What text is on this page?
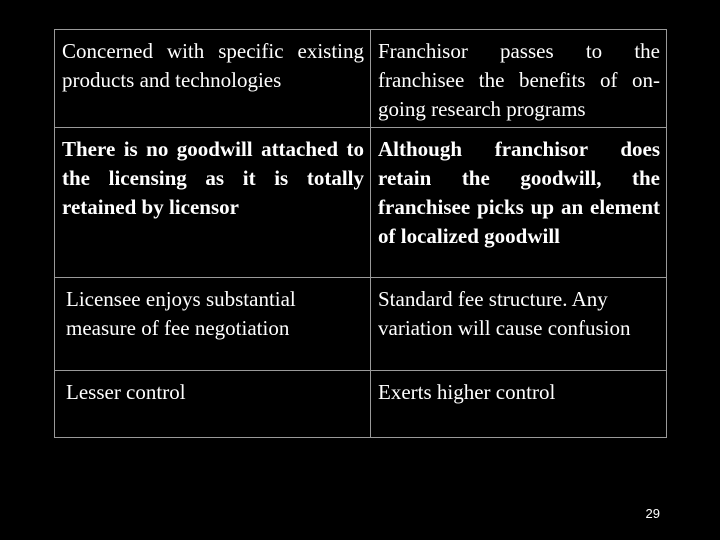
Concerned with specific existing products and technologies	Franchisor passes to the franchisee the benefits of on-going research programs
There is no goodwill attached to the licensing as it is totally retained by licensor	Although franchisor does retain the goodwill, the franchisee picks up an element of localized goodwill
Licensee enjoys substantial measure of fee negotiation	Standard fee structure. Any variation will cause confusion
Lesser control	Exerts higher control
29
